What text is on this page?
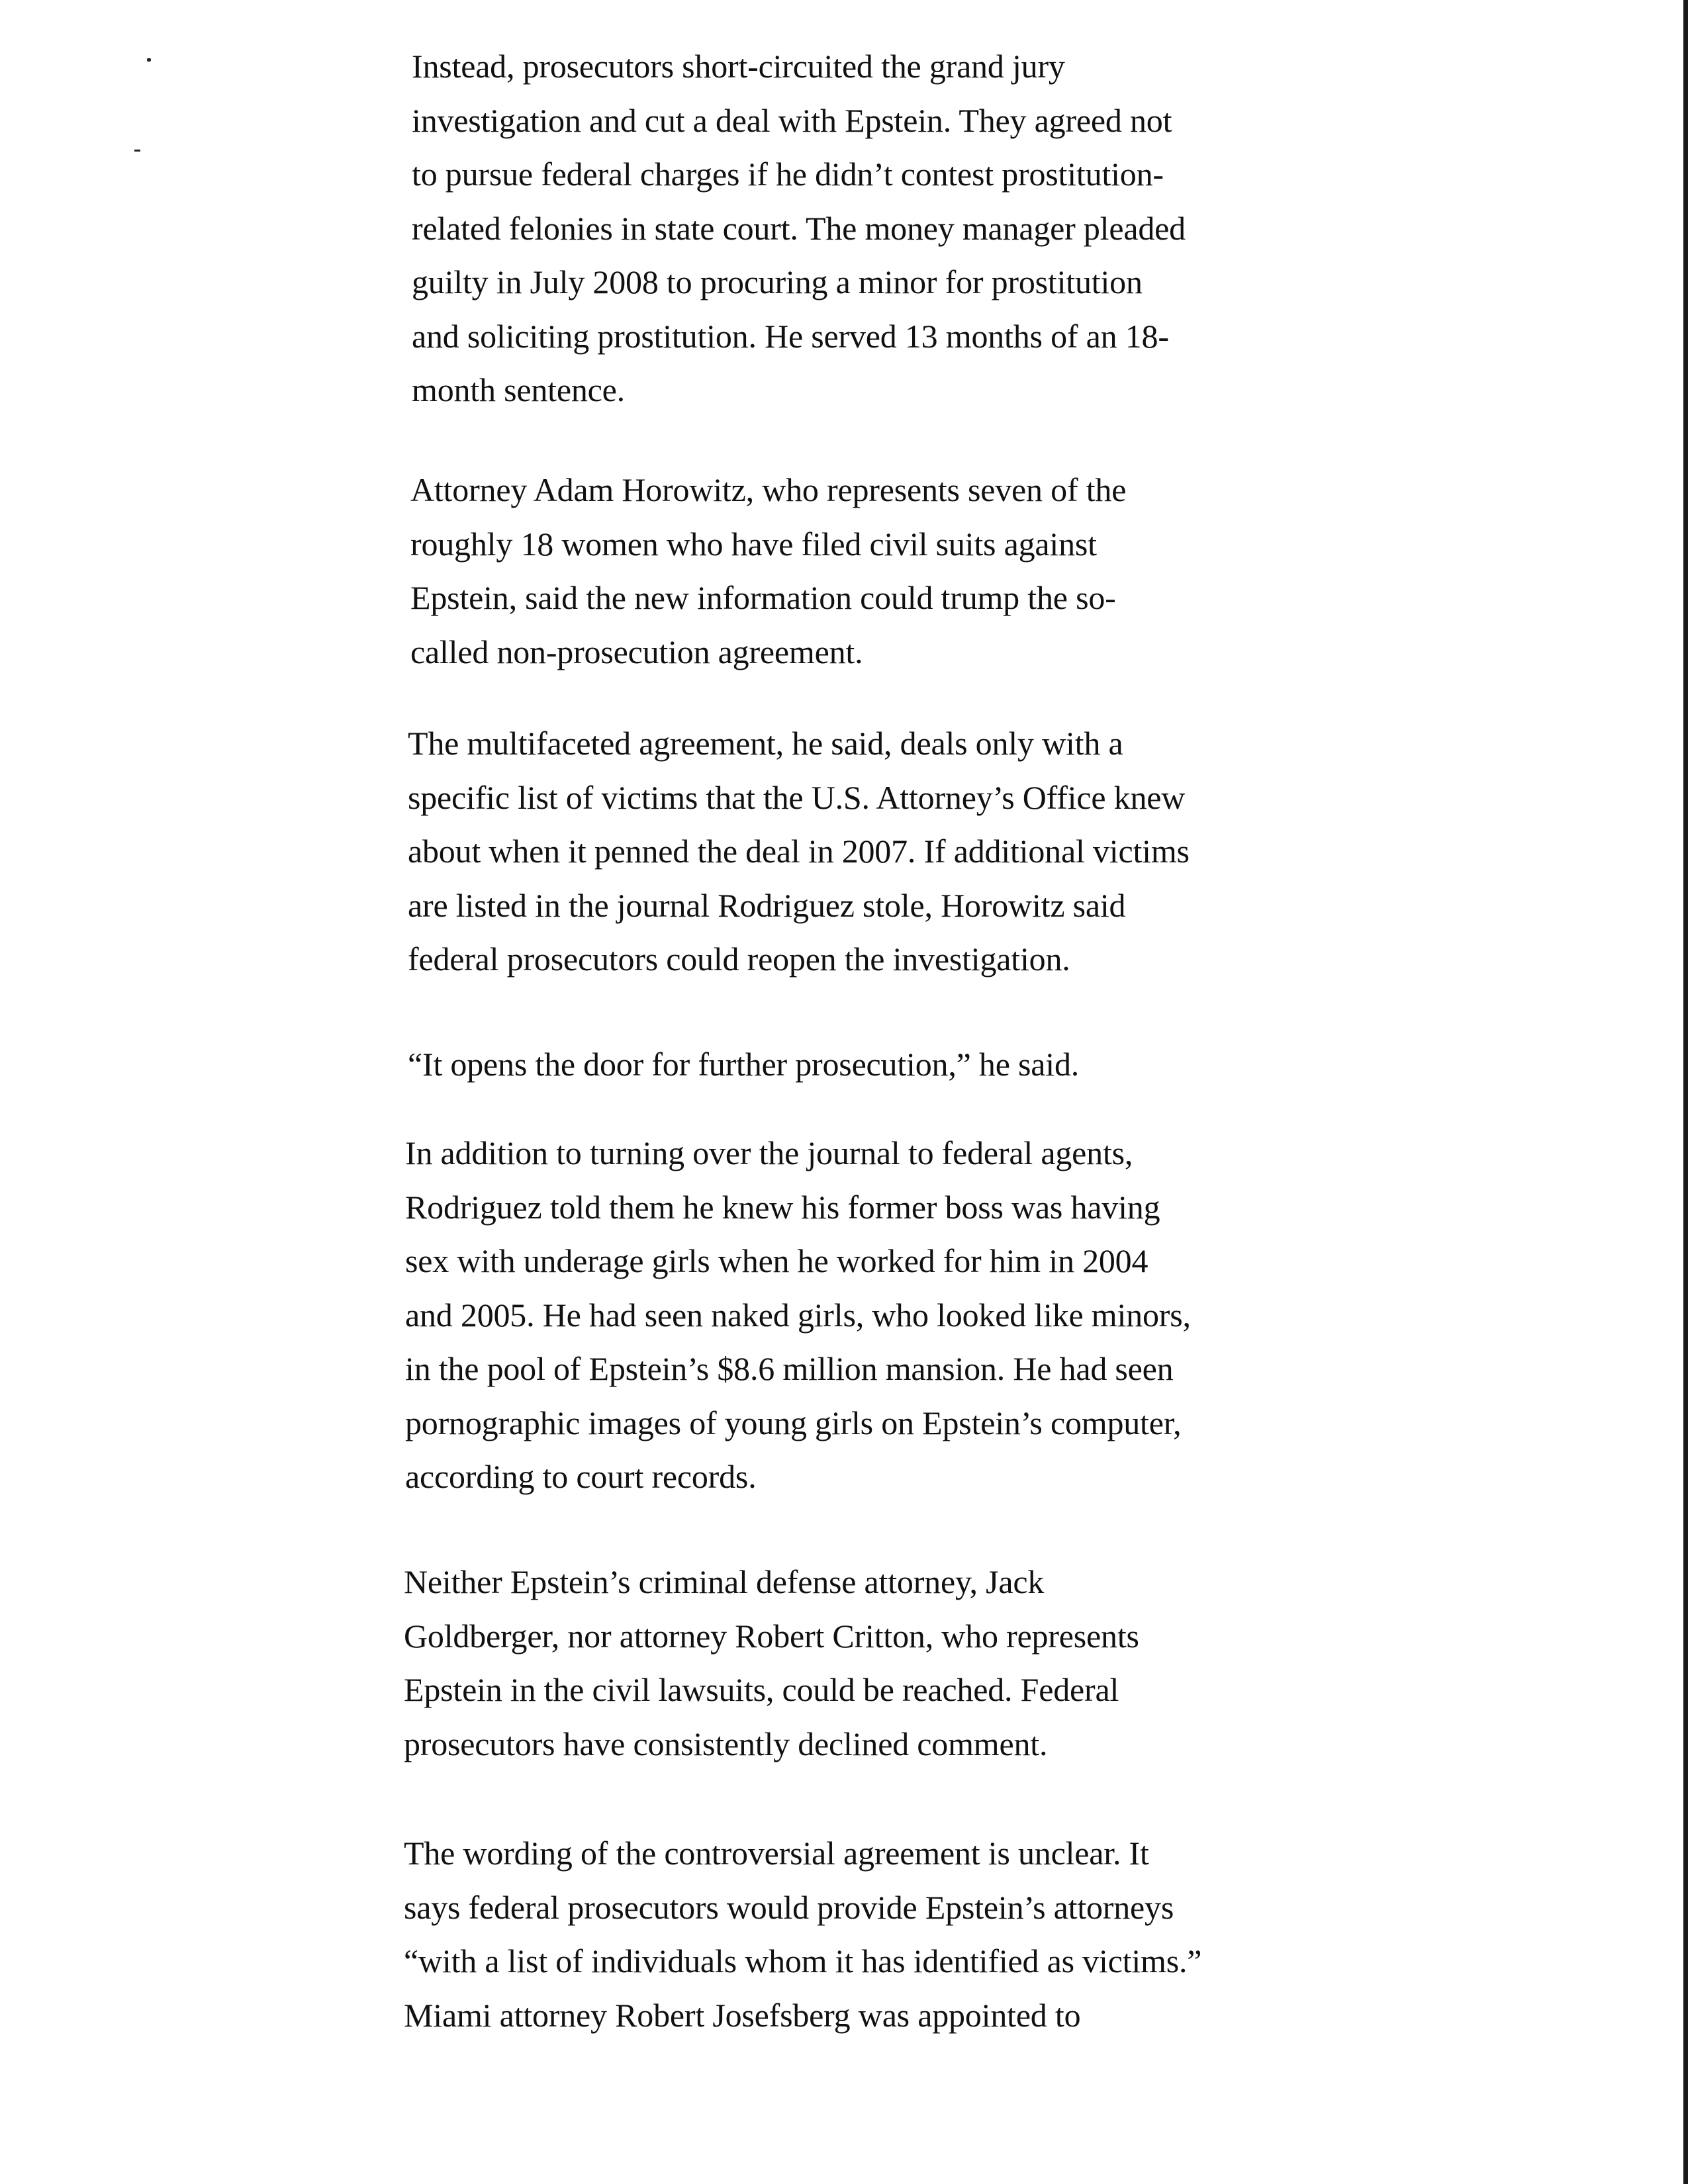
Instead, prosecutors short-circuited the grand jury
investigation and cut a deal with Epstein. They agreed not
to pursue federal charges if he didn’t contest prostitution-
related felonies in state court. The money manager pleaded
guilty in July 2008 to procuring a minor for prostitution
and soliciting prostitution. He served 13 months of an 18-
month sentence.

Attorney Adam Horowitz, who represents seven of the
roughly 18 women who have filed civil suits against
Epstein, said the new information could trump the so-
called non-prosecution agreement.

The multifaceted agreement, he said, deals only with a
specific list of victims that the U.S. Attorney’s Office knew
about when it penned the deal in 2007. If additional victims
are listed in the journal Rodriguez stole, Horowitz said
federal prosecutors could reopen the investigation.

“It opens the door for further prosecution,” he said.

In addition to turning over the journal to federal agents,
Rodriguez told them he knew his former boss was having
sex with underage girls when he worked for him in 2004
and 2005. He had seen naked girls, who looked like minors,
in the pool of Epstein’s $8.6 million mansion. He had seen
pornographic images of young girls on Epstein’s computer,
according to court records.

Neither Epstein’s criminal defense attorney, Jack
Goldberger, nor attorney Robert Critton, who represents
Epstein in the civil lawsuits, could be reached. Federal
prosecutors have consistently declined comment.

The wording of the controversial agreement is unclear. It
says federal prosecutors would provide Epstein’s attorneys
“with a list of individuals whom it has identified as victims.”
Miami attorney Robert Josefsberg was appointed to
